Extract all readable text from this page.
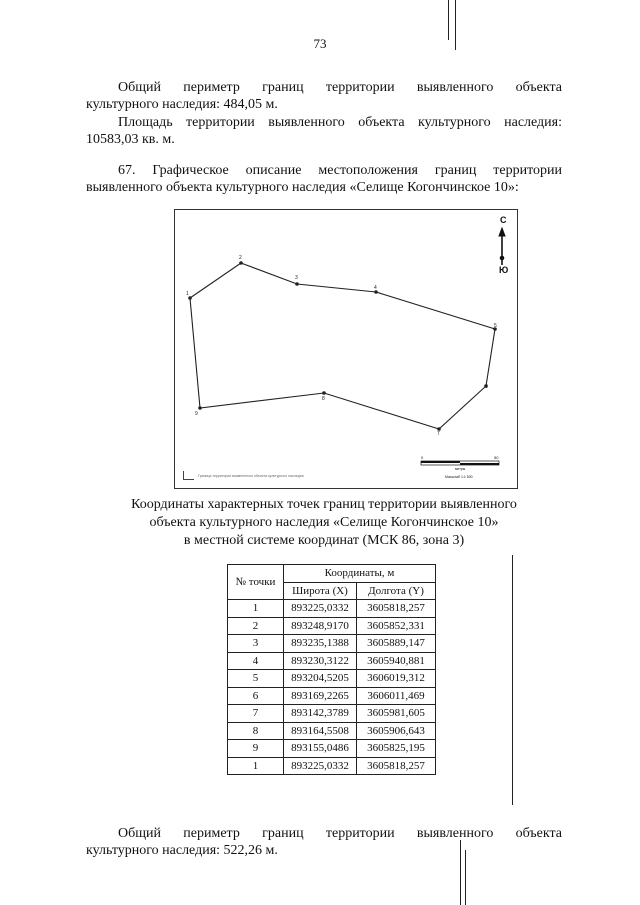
73

Общий периметр границ территории выявленного объекта
культурного наследия: 484,05 м.

Площадь территории выявленного объекта культурного наследия:
10583,03 кв. м.

67. Графическое описание местоположения границ территории
выявленного объекта культурного наследия «Селище Когончинское 10»:

1
2
3
4
5
6
7
8
9
С
Ю
Граница территории выявленного объекта культурного наследия
0	50
метры
Масштаб 1:1 500
Координаты характерных точек границ территории выявленного
объекта культурного наследия «Селище Когончинское 10»
в местной системе координат (МСК 86, зона 3)
№ точки	Координаты, м	
	Широта (X)	Долгота (Y)
1	893225,0332	3605818,257
2	893248,9170	3605852,331
3	893235,1388	3605889,147
4	893230,3122	3605940,881
5	893204,5205	3606019,312
6	893169,2265	3606011,469
7	893142,3789	3605981,605
8	893164,5508	3605906,643
9	893155,0486	3605825,195
1	893225,0332	3605818,257

Общий периметр границ территории выявленного объекта
культурного наследия: 522,26 м.
